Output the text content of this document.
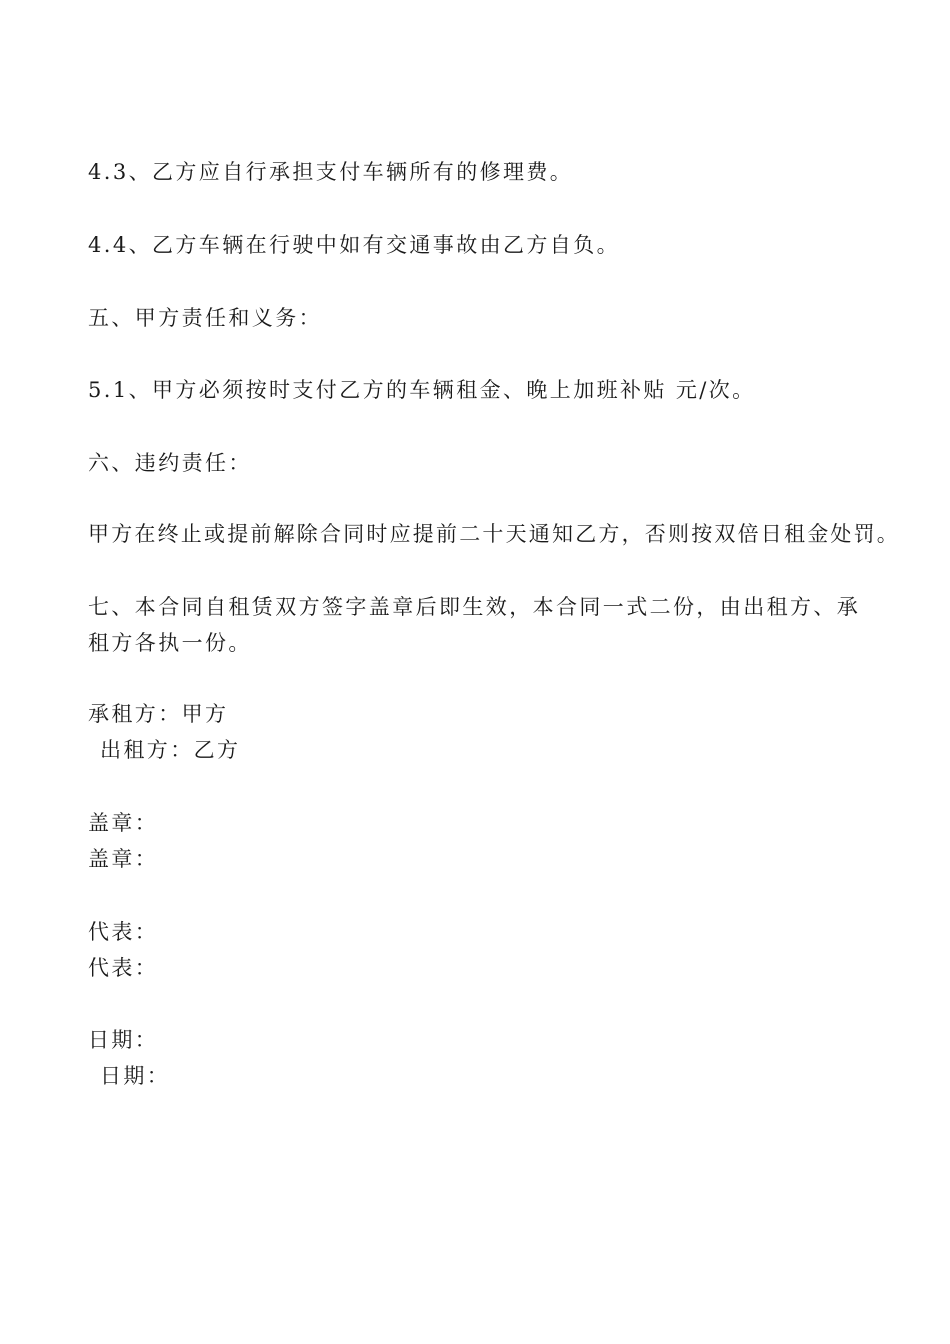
4.3、乙方应自行承担支付车辆所有的修理费。
4.4、乙方车辆在行驶中如有交通事故由乙方自负。
五、甲方责任和义务：
5.1、甲方必须按时支付乙方的车辆租金、晚上加班补贴 元/次。
六、违约责任：
甲方在终止或提前解除合同时应提前二十天通知乙方，否则按双倍日租金处罚。
七、本合同自租赁双方签字盖章后即生效，本合同一式二份，由出租方、承租方各执一份。
承租方：甲方
出租方：乙方
盖章：
盖章：
代表：
代表：
日期：
日期：
